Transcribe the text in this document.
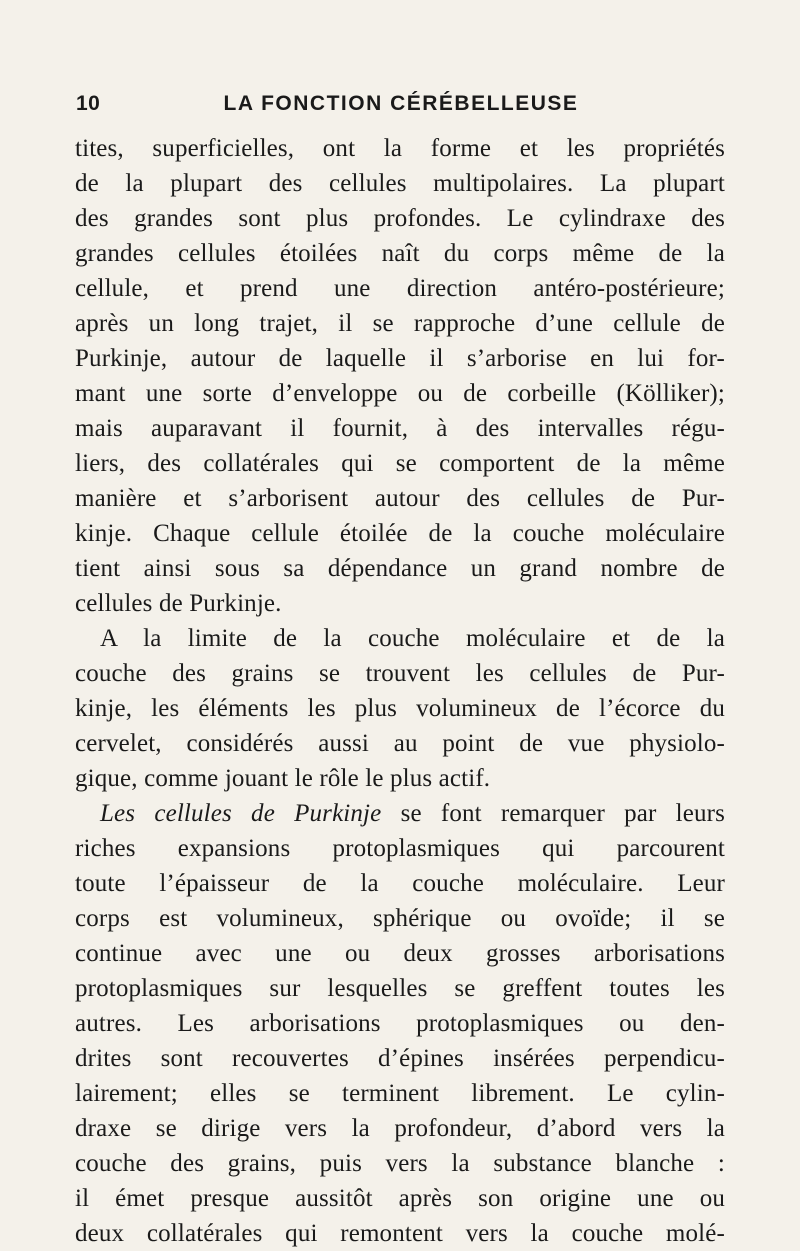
10	LA FONCTION CÉRÉBELLEUSE
tites, superficielles, ont la forme et les propriétés
de la plupart des cellules multipolaires. La plupart
des grandes sont plus profondes. Le cylindraxe des
grandes cellules étoilées naît du corps même de la
cellule, et prend une direction antéro-postérieure;
après un long trajet, il se rapproche d’une cellule de
Purkinje, autour de laquelle il s’arborise en lui for-
mant une sorte d’enveloppe ou de corbeille (Kölliker);
mais auparavant il fournit, à des intervalles régu-
liers, des collatérales qui se comportent de la même
manière et s’arborisent autour des cellules de Pur-
kinje. Chaque cellule étoilée de la couche moléculaire
tient ainsi sous sa dépendance un grand nombre de
cellules de Purkinje.
A la limite de la couche moléculaire et de la
couche des grains se trouvent les cellules de Pur-
kinje, les éléments les plus volumineux de l’écorce du
cervelet, considérés aussi au point de vue physiolo-
gique, comme jouant le rôle le plus actif.
Les cellules de Purkinje se font remarquer par leurs
riches expansions protoplasmiques qui parcourent
toute l’épaisseur de la couche moléculaire. Leur
corps est volumineux, sphérique ou ovoïde; il se
continue avec une ou deux grosses arborisations
protoplasmiques sur lesquelles se greffent toutes les
autres. Les arborisations protoplasmiques ou den-
drites sont recouvertes d’épines insérées perpendicu-
lairement; elles se terminent librement. Le cylin-
draxe se dirige vers la profondeur, d’abord vers la
couche des grains, puis vers la substance blanche :
il émet presque aussitôt après son origine une ou
deux collatérales qui remontent vers la couche molé-
